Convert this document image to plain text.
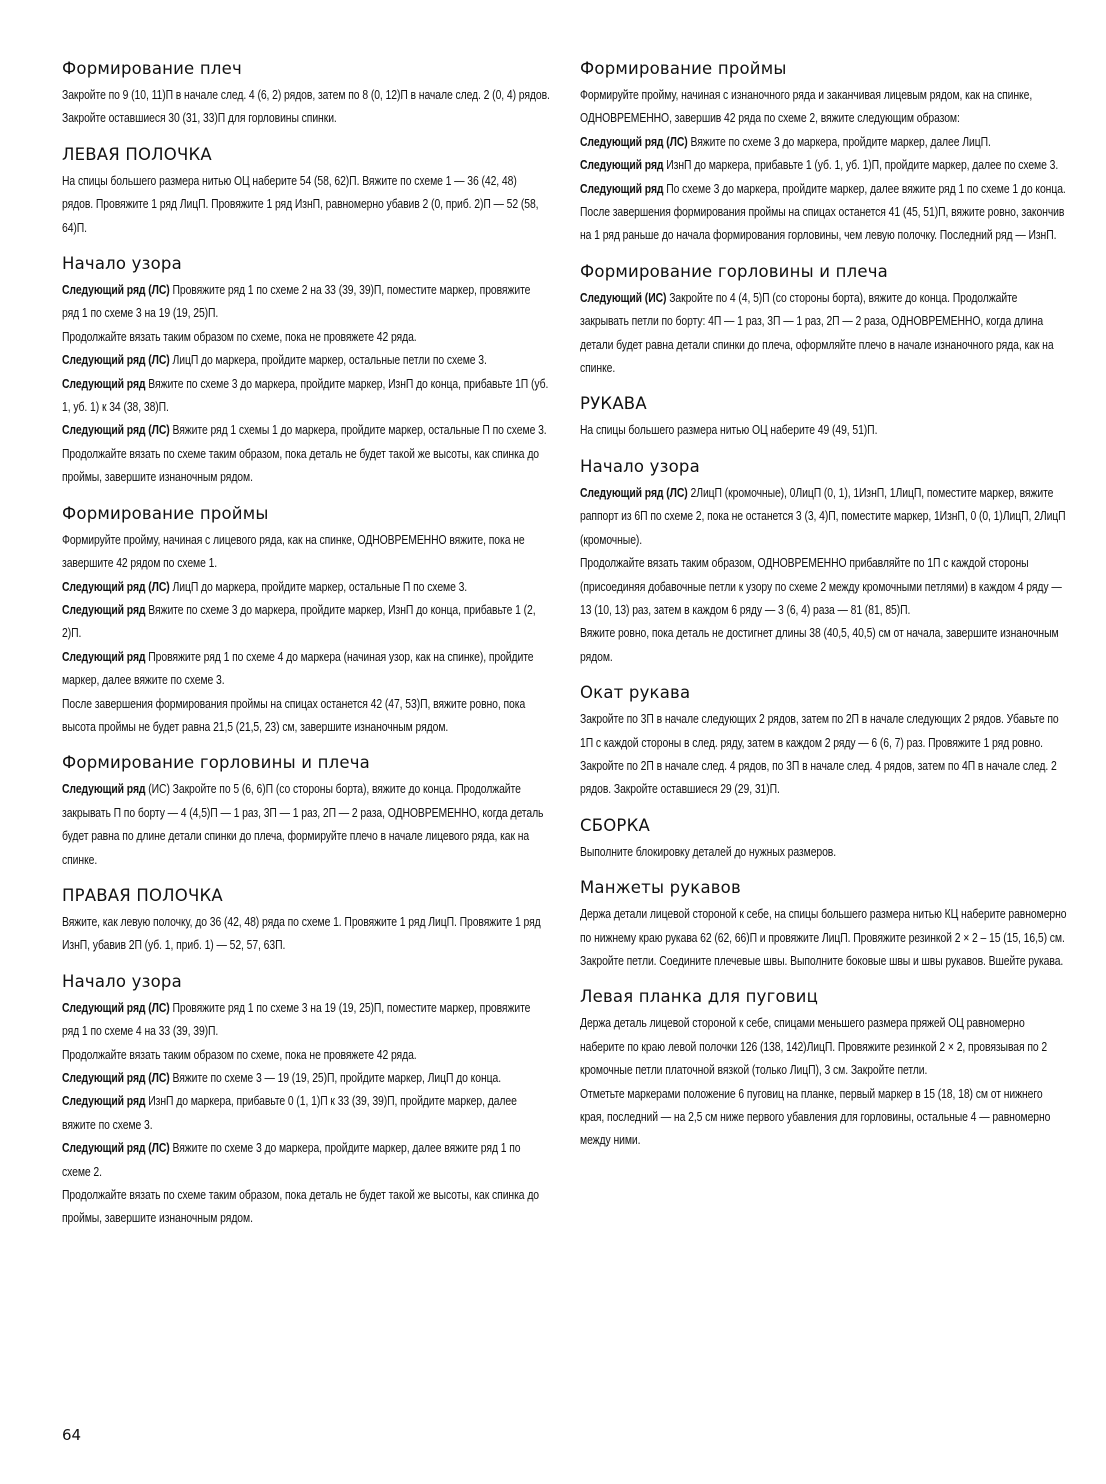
Формирование плеч

Закройте по 9 (10, 11)П в начале след. 4 (6, 2) рядов, затем по 8 (0, 12)П в начале след. 2 (0, 4) рядов. Закройте оставшиеся 30 (31, 33)П для горловины спинки.

ЛЕВАЯ ПОЛОЧКА

На спицы большего размера нитью ОЦ наберите 54 (58, 62)П. Вяжите по схеме 1 — 36 (42, 48) рядов. Провяжите 1 ряд ЛицП. Провяжите 1 ряд ИзнП, равномерно убавив 2 (0, приб. 2)П — 52 (58, 64)П.

Начало узора

Следующий ряд (ЛС) Провяжите ряд 1 по схеме 2 на 33 (39, 39)П, поместите маркер, провяжите ряд 1 по схеме 3 на 19 (19, 25)П.

Продолжайте вязать таким образом по схеме, пока не провяжете 42 ряда.

Следующий ряд (ЛС) ЛицП до маркера, пройдите маркер, остальные петли по схеме 3.

Следующий ряд Вяжите по схеме 3 до маркера, пройдите маркер, ИзнП до конца, прибавьте 1П (уб. 1, уб. 1) к 34 (38, 38)П.

Следующий ряд (ЛС) Вяжите ряд 1 схемы 1 до маркера, пройдите маркер, остальные П по схеме 3.

Продолжайте вязать по схеме таким образом, пока деталь не будет такой же высоты, как спинка до проймы, завершите изнаночным рядом.

Формирование проймы

Формируйте пройму, начиная с лицевого ряда, как на спинке, ОДНОВРЕМЕННО вяжите, пока не завершите 42 рядом по схеме 1.

Следующий ряд (ЛС) ЛицП до маркера, пройдите маркер, остальные П по схеме 3.

Следующий ряд Вяжите по схеме 3 до маркера, пройдите маркер, ИзнП до конца, прибавьте 1 (2, 2)П.

Следующий ряд Провяжите ряд 1 по схеме 4 до маркера (начиная узор, как на спинке), пройдите маркер, далее вяжите по схеме 3.

После завершения формирования проймы на спицах останется 42 (47, 53)П, вяжите ровно, пока высота проймы не будет равна 21,5 (21,5, 23) см, завершите изнаночным рядом.

Формирование горловины и плеча

Следующий ряд (ИС) Закройте по 5 (6, 6)П (со стороны борта), вяжите до конца. Продолжайте закрывать П по борту — 4 (4,5)П — 1 раз, 3П — 1 раз, 2П — 2 раза, ОДНОВРЕМЕННО, когда деталь будет равна по длине детали спинки до плеча, формируйте плечо в начале лицевого ряда, как на спинке.

ПРАВАЯ ПОЛОЧКА

Вяжите, как левую полочку, до 36 (42, 48) ряда по схеме 1. Провяжите 1 ряд ЛицП. Провяжите 1 ряд ИзнП, убавив 2П (уб. 1, приб. 1) — 52, 57, 63П.

Начало узора

Следующий ряд (ЛС) Провяжите ряд 1 по схеме 3 на 19 (19, 25)П, поместите маркер, провяжите ряд 1 по схеме 4 на 33 (39, 39)П.

Продолжайте вязать таким образом по схеме, пока не провяжете 42 ряда.

Следующий ряд (ЛС) Вяжите по схеме 3 — 19 (19, 25)П, пройдите маркер, ЛицП до конца.

Следующий ряд ИзнП до маркера, прибавьте 0 (1, 1)П к 33 (39, 39)П, пройдите маркер, далее вяжите по схеме 3.

Следующий ряд (ЛС) Вяжите по схеме 3 до маркера, пройдите маркер, далее вяжите ряд 1 по схеме 2.

Продолжайте вязать по схеме таким образом, пока деталь не будет такой же высоты, как спинка до проймы, завершите изнаночным рядом.

Формирование проймы

Формируйте пройму, начиная с изнаночного ряда и заканчивая лицевым рядом, как на спинке, ОДНОВРЕМЕННО, завершив 42 ряда по схеме 2, вяжите следующим образом:

Следующий ряд (ЛС) Вяжите по схеме 3 до маркера, пройдите маркер, далее ЛицП.

Следующий ряд ИзнП до маркера, прибавьте 1 (уб. 1, уб. 1)П, пройдите маркер, далее по схеме 3.

Следующий ряд По схеме 3 до маркера, пройдите маркер, далее вяжите ряд 1 по схеме 1 до конца.

После завершения формирования проймы на спицах останется 41 (45, 51)П, вяжите ровно, закончив на 1 ряд раньше до начала формирования горловины, чем левую полочку. Последний ряд — ИзнП.

Формирование горловины и плеча

Следующий (ИС) Закройте по 4 (4, 5)П (со стороны борта), вяжите до конца. Продолжайте закрывать петли по борту: 4П — 1 раз, 3П — 1 раз, 2П — 2 раза, ОДНОВРЕМЕННО, когда длина детали будет равна детали спинки до плеча, оформляйте плечо в начале изнаночного ряда, как на спинке.

РУКАВА

На спицы большего размера нитью ОЦ наберите 49 (49, 51)П.

Начало узора

Следующий ряд (ЛС) 2ЛицП (кромочные), 0ЛицП (0, 1), 1ИзнП, 1ЛицП, поместите маркер, вяжите раппорт из 6П по схеме 2, пока не останется 3 (3, 4)П, поместите маркер, 1ИзнП, 0 (0, 1)ЛицП, 2ЛицП (кромочные).

Продолжайте вязать таким образом, ОДНОВРЕМЕННО прибавляйте по 1П с каждой стороны (присоединяя добавочные петли к узору по схеме 2 между кромочными петлями) в каждом 4 ряду — 13 (10, 13) раз, затем в каждом 6 ряду — 3 (6, 4) раза — 81 (81, 85)П.

Вяжите ровно, пока деталь не достигнет длины 38 (40,5, 40,5) см от начала, завершите изнаночным рядом.

Окат рукава

Закройте по 3П в начале следующих 2 рядов, затем по 2П в начале следующих 2 рядов. Убавьте по 1П с каждой стороны в след. ряду, затем в каждом 2 ряду — 6 (6, 7) раз. Провяжите 1 ряд ровно. Закройте по 2П в начале след. 4 рядов, по 3П в начале след. 4 рядов, затем по 4П в начале след. 2 рядов. Закройте оставшиеся 29 (29, 31)П.

СБОРКА

Выполните блокировку деталей до нужных размеров.

Манжеты рукавов

Держа детали лицевой стороной к себе, на спицы большего размера нитью КЦ наберите равномерно по нижнему краю рукава 62 (62, 66)П и провяжите ЛицП. Провяжите резинкой 2 × 2 – 15 (15, 16,5) см. Закройте петли. Соедините плечевые швы. Выполните боковые швы и швы рукавов. Вшейте рукава.

Левая планка для пуговиц

Держа деталь лицевой стороной к себе, спицами меньшего размера пряжей ОЦ равномерно наберите по краю левой полочки 126 (138, 142)ЛицП. Провяжите резинкой 2 × 2, провязывая по 2 кромочные петли платочной вязкой (только ЛицП), 3 см. Закройте петли.

Отметьте маркерами положение 6 пуговиц на планке, первый маркер в 15 (18, 18) см от нижнего края, последний — на 2,5 см ниже первого убавления для горловины, остальные 4 — равномерно между ними.

64
